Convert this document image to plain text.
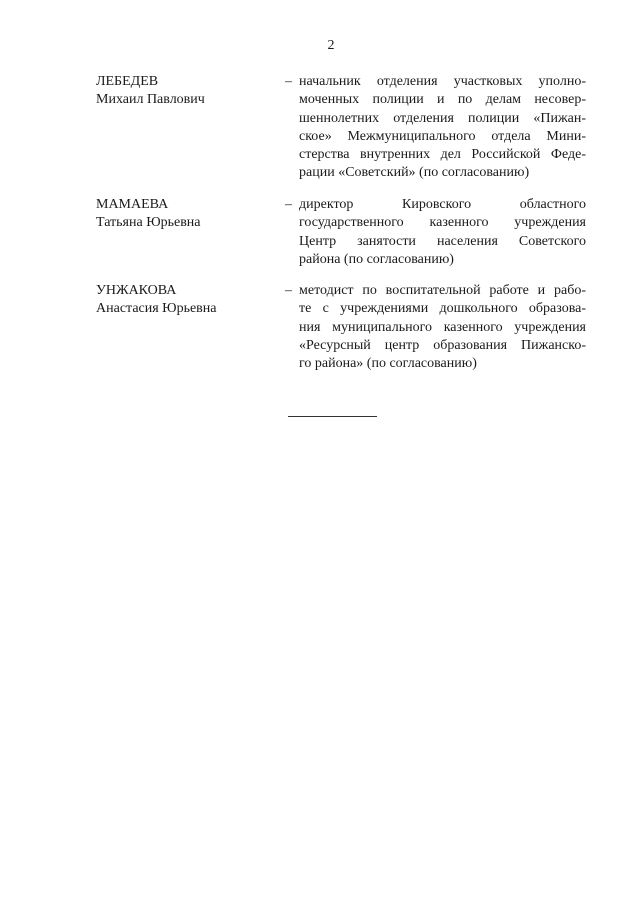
2
ЛЕБЕДЕВ
Михаил Павлович
– начальник отделения участковых уполно-
моченных полиции и по делам несовер-
шеннолетних отделения полиции «Пижан-
ское» Межмуниципального отдела Мини-
стерства внутренних дел Российской Феде-
рации «Советский» (по согласованию)
МАМАЕВА
Татьяна Юрьевна
– директор Кировского областного
государственного казенного учреждения
Центр занятости населения Советского
района (по согласованию)
УНЖАКОВА
Анастасия Юрьевна
– методист по воспитательной работе и рабо-
те с учреждениями дошкольного образова-
ния муниципального казенного учреждения
«Ресурсный центр образования Пижанско-
го района» (по согласованию)
